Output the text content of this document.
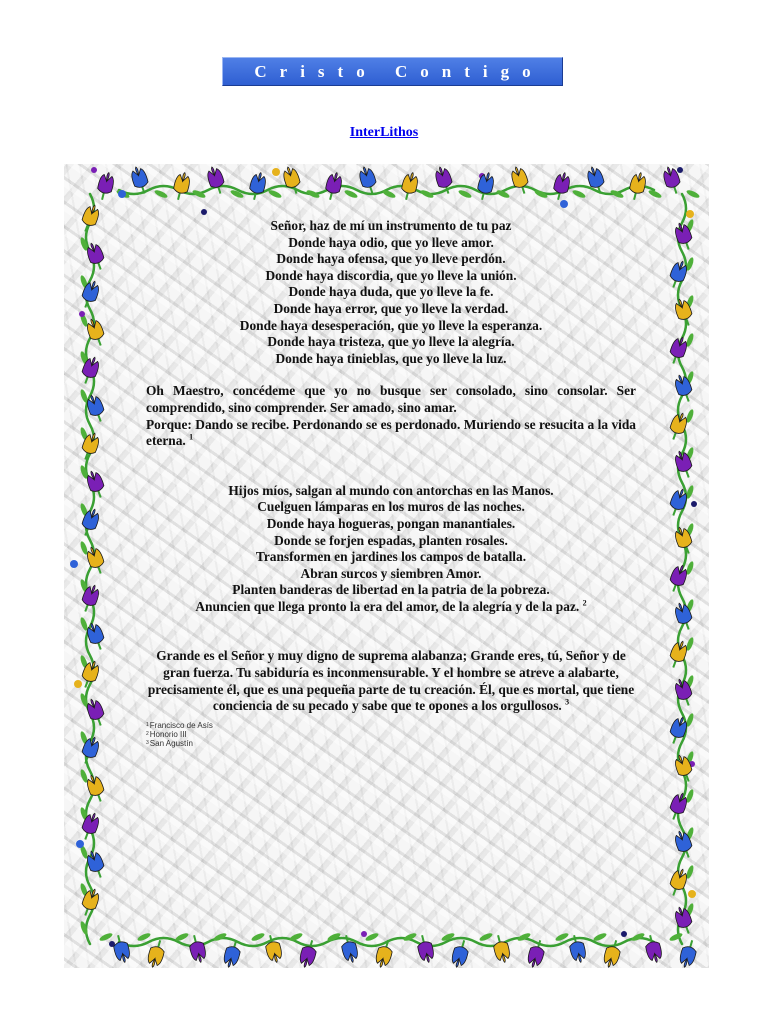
Cristo Contigo
InterLithos
Señor, haz de mí un instrumento de tu paz
Donde haya odio, que yo lleve amor.
Donde haya ofensa, que yo lleve perdón.
Donde haya discordia, que yo lleve la unión.
Donde haya duda, que yo lleve la fe.
Donde haya error, que yo lleve la verdad.
Donde haya desesperación, que yo lleve la esperanza.
Donde haya tristeza, que yo lleve la alegría.
Donde haya tinieblas, que yo lleve la luz.
Oh Maestro, concédeme que yo no busque ser consolado, sino consolar. Ser comprendido, sino comprender. Ser amado, sino amar.
Porque: Dando se recibe. Perdonando se es perdonado. Muriendo se resucita a la vida eterna. $^1$
Hijos míos, salgan al mundo con antorchas en las Manos.
Cuelguen lámparas en los muros de las noches.
Donde haya hogueras, pongan manantiales.
Donde se forjen espadas, planten rosales.
Transformen en jardines los campos de batalla.
Abran surcos y siembren Amor.
Planten banderas de libertad en la patria de la pobreza.
Anuncien que llega pronto la era del amor, de la alegría y de la paz. $^2$
Grande es el Señor y muy digno de suprema alabanza; Grande eres, tú, Señor y de gran fuerza. Tu sabiduría es inconmensurable. Y el hombre se atreve a alabarte, precisamente él, que es una pequeña parte de tu creación. Él, que es mortal, que tiene conciencia de su pecado y sabe que te opones a los orgullosos. $^3$
1 Francisco de Asís
2 Honorio III
3 San Agustín
